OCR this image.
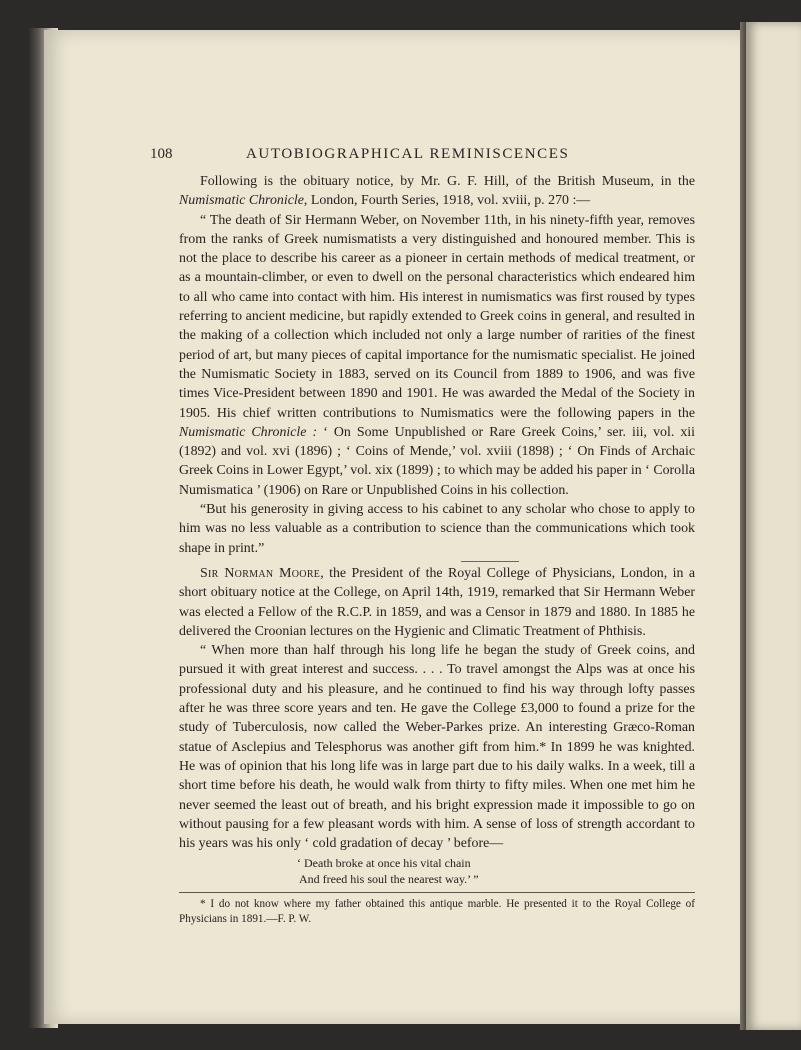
108	AUTOBIOGRAPHICAL REMINISCENCES

Following is the obituary notice, by Mr. G. F. Hill, of the British Museum, in the Numismatic Chronicle, London, Fourth Series, 1918, vol. xviii, p. 270 :—

“ The death of Sir Hermann Weber, on November 11th, in his ninety-fifth year, removes from the ranks of Greek numismatists a very distinguished and honoured member. This is not the place to describe his career as a pioneer in certain methods of medical treatment, or as a mountain-climber, or even to dwell on the personal characteristics which endeared him to all who came into contact with him. His interest in numismatics was first roused by types referring to ancient medicine, but rapidly extended to Greek coins in general, and resulted in the making of a collection which included not only a large number of rarities of the finest period of art, but many pieces of capital importance for the numismatic specialist. He joined the Numismatic Society in 1883, served on its Council from 1889 to 1906, and was five times Vice-President between 1890 and 1901. He was awarded the Medal of the Society in 1905. His chief written contributions to Numismatics were the following papers in the Numismatic Chronicle : ‘ On Some Unpublished or Rare Greek Coins,’ ser. iii, vol. xii (1892) and vol. xvi (1896) ; ‘ Coins of Mende,’ vol. xviii (1898) ; ‘ On Finds of Archaic Greek Coins in Lower Egypt,’ vol. xix (1899) ; to which may be added his paper in ‘ Corolla Numismatica ’ (1906) on Rare or Unpublished Coins in his collection.

“But his generosity in giving access to his cabinet to any scholar who chose to apply to him was no less valuable as a contribution to science than the communications which took shape in print.”

Sir Norman Moore, the President of the Royal College of Physicians, London, in a short obituary notice at the College, on April 14th, 1919, remarked that Sir Hermann Weber was elected a Fellow of the R.C.P. in 1859, and was a Censor in 1879 and 1880. In 1885 he delivered the Croonian lectures on the Hygienic and Climatic Treatment of Phthisis.

“ When more than half through his long life he began the study of Greek coins, and pursued it with great interest and success. . . . To travel amongst the Alps was at once his professional duty and his pleasure, and he continued to find his way through lofty passes after he was three score years and ten. He gave the College £3,000 to found a prize for the study of Tuberculosis, now called the Weber-Parkes prize. An interesting Græco-Roman statue of Asclepius and Telesphorus was another gift from him.* In 1899 he was knighted. He was of opinion that his long life was in large part due to his daily walks. In a week, till a short time before his death, he would walk from thirty to fifty miles. When one met him he never seemed the least out of breath, and his bright expression made it impossible to go on without pausing for a few pleasant words with him. A sense of loss of strength accordant to his years was his only ‘ cold gradation of decay ’ before—

‘ Death broke at once his vital chain
And freed his soul the nearest way.’ ”

* I do not know where my father obtained this antique marble. He presented it to the Royal College of Physicians in 1891.—F. P. W.
